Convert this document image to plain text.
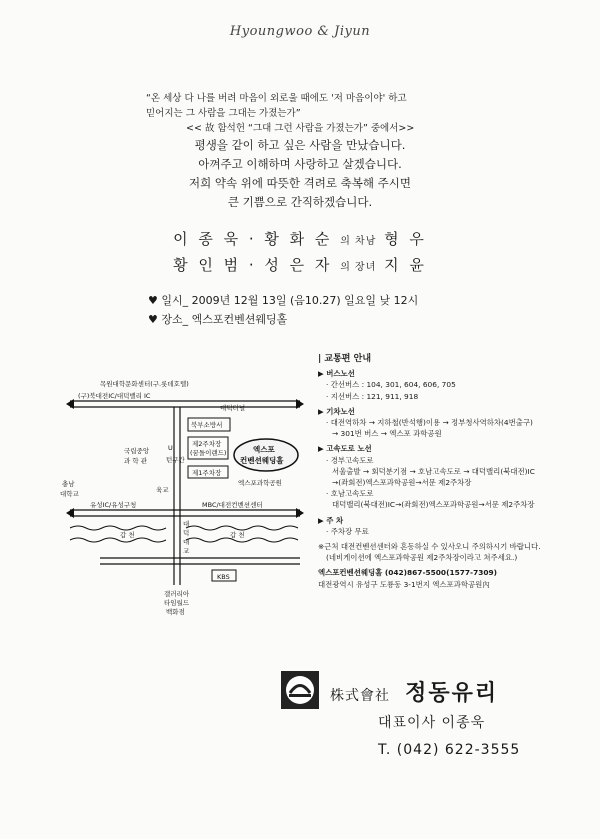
Hyoungwoo & Jiyun
“온 세상 다 나를 버려 마음이 외로울 때에도 '저 마음이야' 하고
믿어지는 그 사람을 그대는 가졌는가”
<< 故 함석헌 “그대 그런 사람을 가졌는가” 중에서>>
평생을 같이 하고 싶은 사람을 만났습니다.
아껴주고 이해하며 사랑하고 살겠습니다.
저희 약속 위에 따뜻한 격려로 축복해 주시면
큰 기쁨으로 간직하겠습니다.
이 종 욱 · 황 화 순 의 차남 형 우
황 인 범 · 성 은 자 의 장녀 지 윤
♥ 일시_ 2009년 12월 13일 (음10.27) 일요일 낮 12시
♥ 장소_ 엑스포컨벤션웨딩홀
목원대학문화센터(구.롯데호텔)
(구)북대전IC/대덕밸리 IC
대덕터널
북부소방서
제2주차장
(꿈돌이랜드)
제1주차장
엑스포
컨벤션웨딩홀
엑스포과학공원
국립중앙
과 학 관
U
턴구간
육교
충남
대학교
유성IC/유성구청	MBC/대전컨벤션센터
갑 천	갑 천
대
덕
대
교
KBS
갤러리아
타임월드
백화점
| 교통편 안내
▶ 버스노선
· 간선버스 : 104, 301, 604, 606, 705
· 지선버스 : 121, 911, 918
▶ 기차노선
· 대전역하차 → 지하철(반석행)이용 → 정부청사역하차(4번출구)
→ 301번 버스 → 엑스포 과학공원
▶ 고속도로 노선
· 경부고속도로
서울출발 → 회덕분기점 → 호남고속도로 → 대덕밸리(북대전)IC
→(좌회전)엑스포과학공원→서문 제2주차장
· 호남고속도로
대덕밸리(북대전)IC→(좌회전)엑스포과학공원→서문 제2주차장
▶ 주 차
· 주차장 무료
※근처 대전컨벤션센터와 혼동하실 수 있사오니 주의하시기 바랍니다.
(네비게이션에 엑스포과학공원 제2주차장이라고 쳐주세요.)
엑스포컨벤션웨딩홀 (042)867-5500(1577-7309)
대전광역시 유성구 도룡동 3-1번지 엑스포과학공원內
株式會社 정동유리
대표이사 이종욱
T. (042) 622-3555
